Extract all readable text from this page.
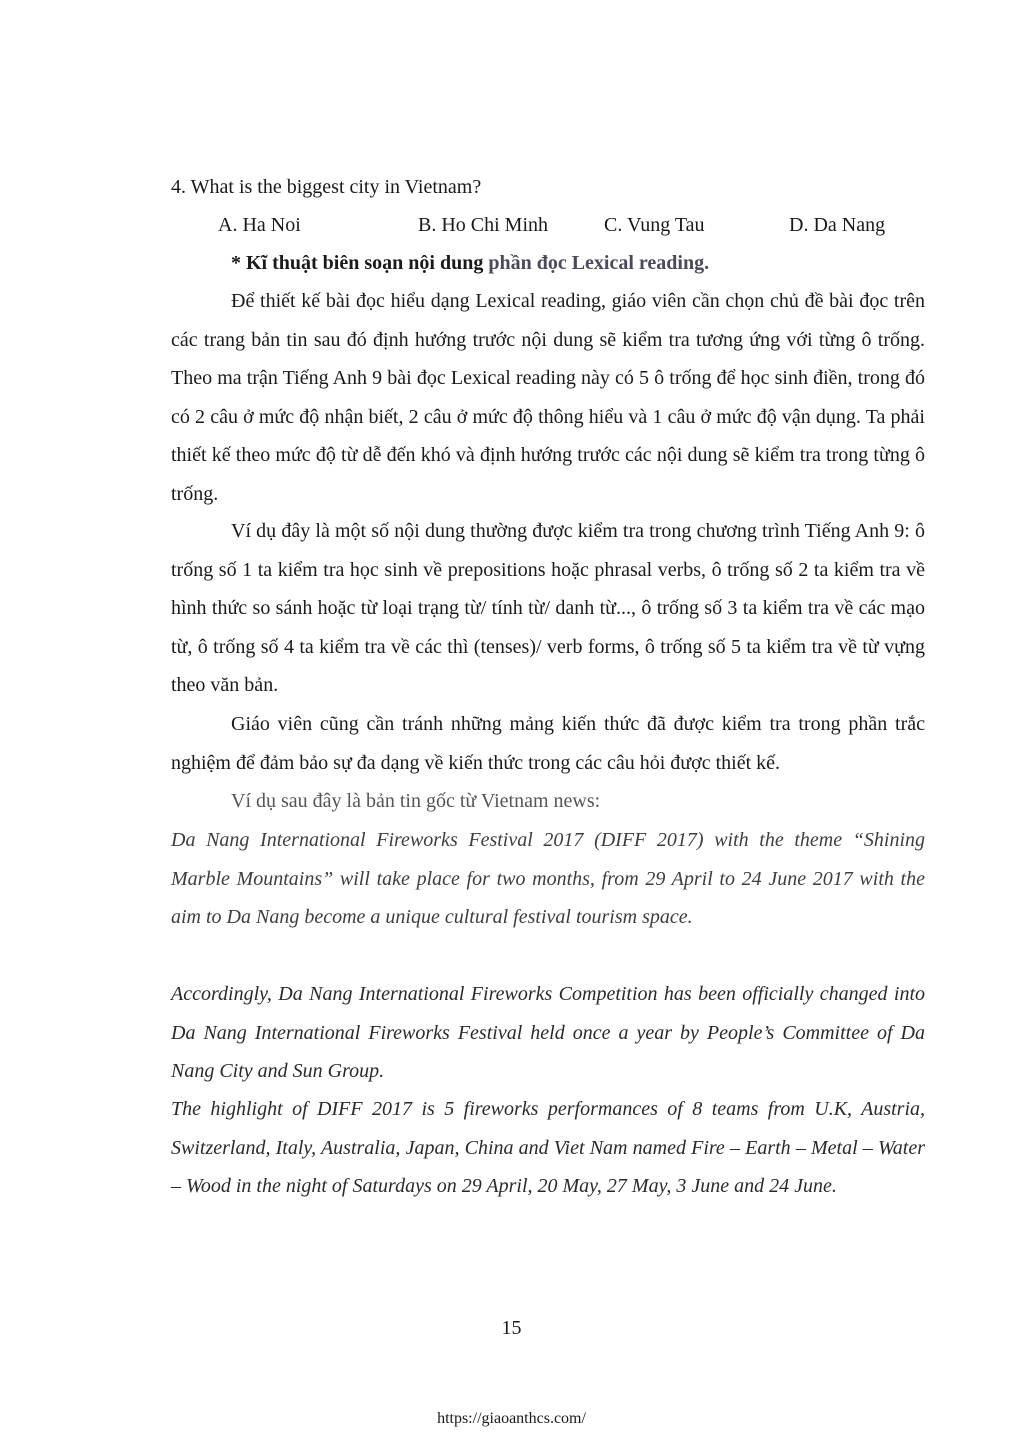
4. What is the biggest city in Vietnam?
A. Ha Noi	B. Ho Chi Minh	C. Vung Tau	D. Da Nang
* Kĩ thuật biên soạn nội dung phần đọc Lexical reading.
Để thiết kế bài đọc hiểu dạng Lexical reading, giáo viên cần chọn chủ đề bài đọc trên các trang bản tin sau đó định hướng trước nội dung sẽ kiểm tra tương ứng với từng ô trống. Theo ma trận Tiếng Anh 9 bài đọc Lexical reading này có 5 ô trống để học sinh điền, trong đó có 2 câu ở mức độ nhận biết, 2 câu ở mức độ thông hiểu và 1 câu ở mức độ vận dụng. Ta phải thiết kế theo mức độ từ dễ đến khó và định hướng trước các nội dung sẽ kiểm tra trong từng ô trống.
Ví dụ đây là một số nội dung thường được kiểm tra trong chương trình Tiếng Anh 9: ô trống số 1 ta kiểm tra học sinh về prepositions hoặc phrasal verbs, ô trống số 2 ta kiểm tra về hình thức so sánh hoặc từ loại trạng từ/ tính từ/ danh từ..., ô trống số 3 ta kiểm tra về các mạo từ, ô trống số 4 ta kiểm tra về các thì (tenses)/ verb forms, ô trống số 5 ta kiểm tra về từ vựng theo văn bản.
Giáo viên cũng cần tránh những mảng kiến thức đã được kiểm tra trong phần trắc nghiệm để đảm bảo sự đa dạng về kiến thức trong các câu hỏi được thiết kế.
Ví dụ sau đây là bản tin gốc từ Vietnam news:
Da Nang International Fireworks Festival 2017 (DIFF 2017) with the theme “Shining Marble Mountains” will take place for two months, from 29 April to 24 June 2017 with the aim to Da Nang become a unique cultural festival tourism space.
Accordingly, Da Nang International Fireworks Competition has been officially changed into Da Nang International Fireworks Festival held once a year by People’s Committee of Da Nang City and Sun Group.
The highlight of DIFF 2017 is 5 fireworks performances of 8 teams from U.K, Austria, Switzerland, Italy, Australia, Japan, China and Viet Nam named Fire – Earth – Metal – Water – Wood in the night of Saturdays on 29 April, 20 May, 27 May, 3 June and 24 June.
15
https://giaoanthcs.com/
